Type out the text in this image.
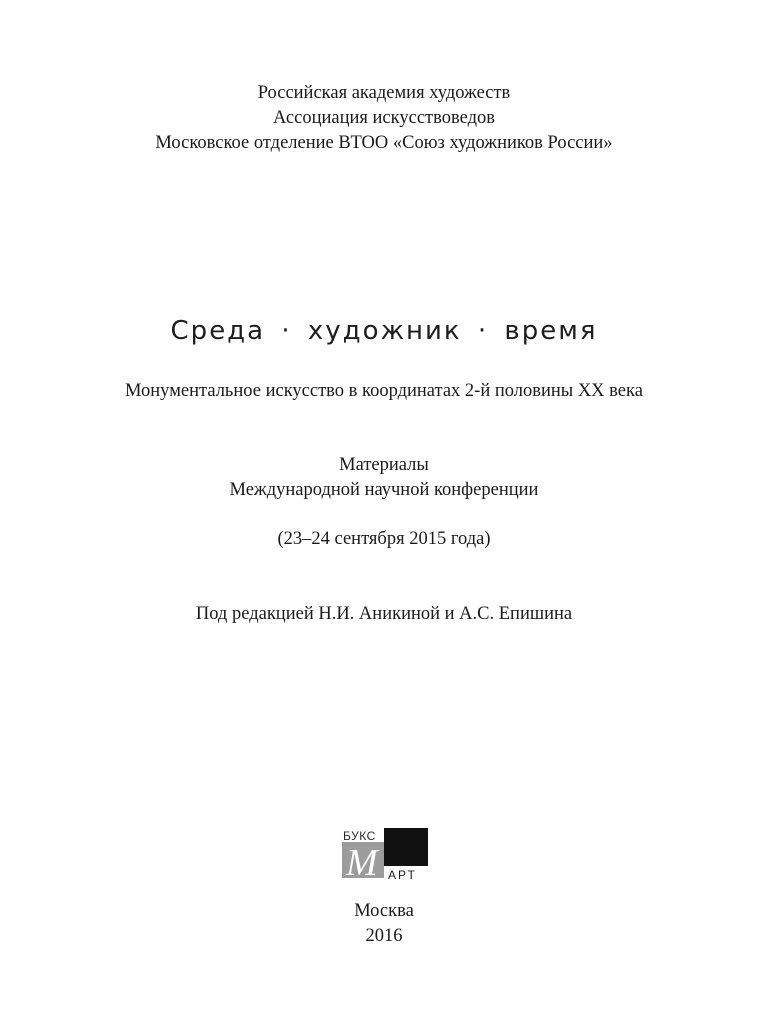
Российская академия художеств
Ассоциация искусствоведов
Московское отделение ВТОО «Союз художников России»
Среда · художник · время
Монументальное искусство в координатах 2-й половины XX века
Материалы
Международной научной конференции
(23–24 сентября 2015 года)
Под редакцией Н.И. Аникиной и А.С. Епишина
БУКС
М АРТ
Москва
2016
